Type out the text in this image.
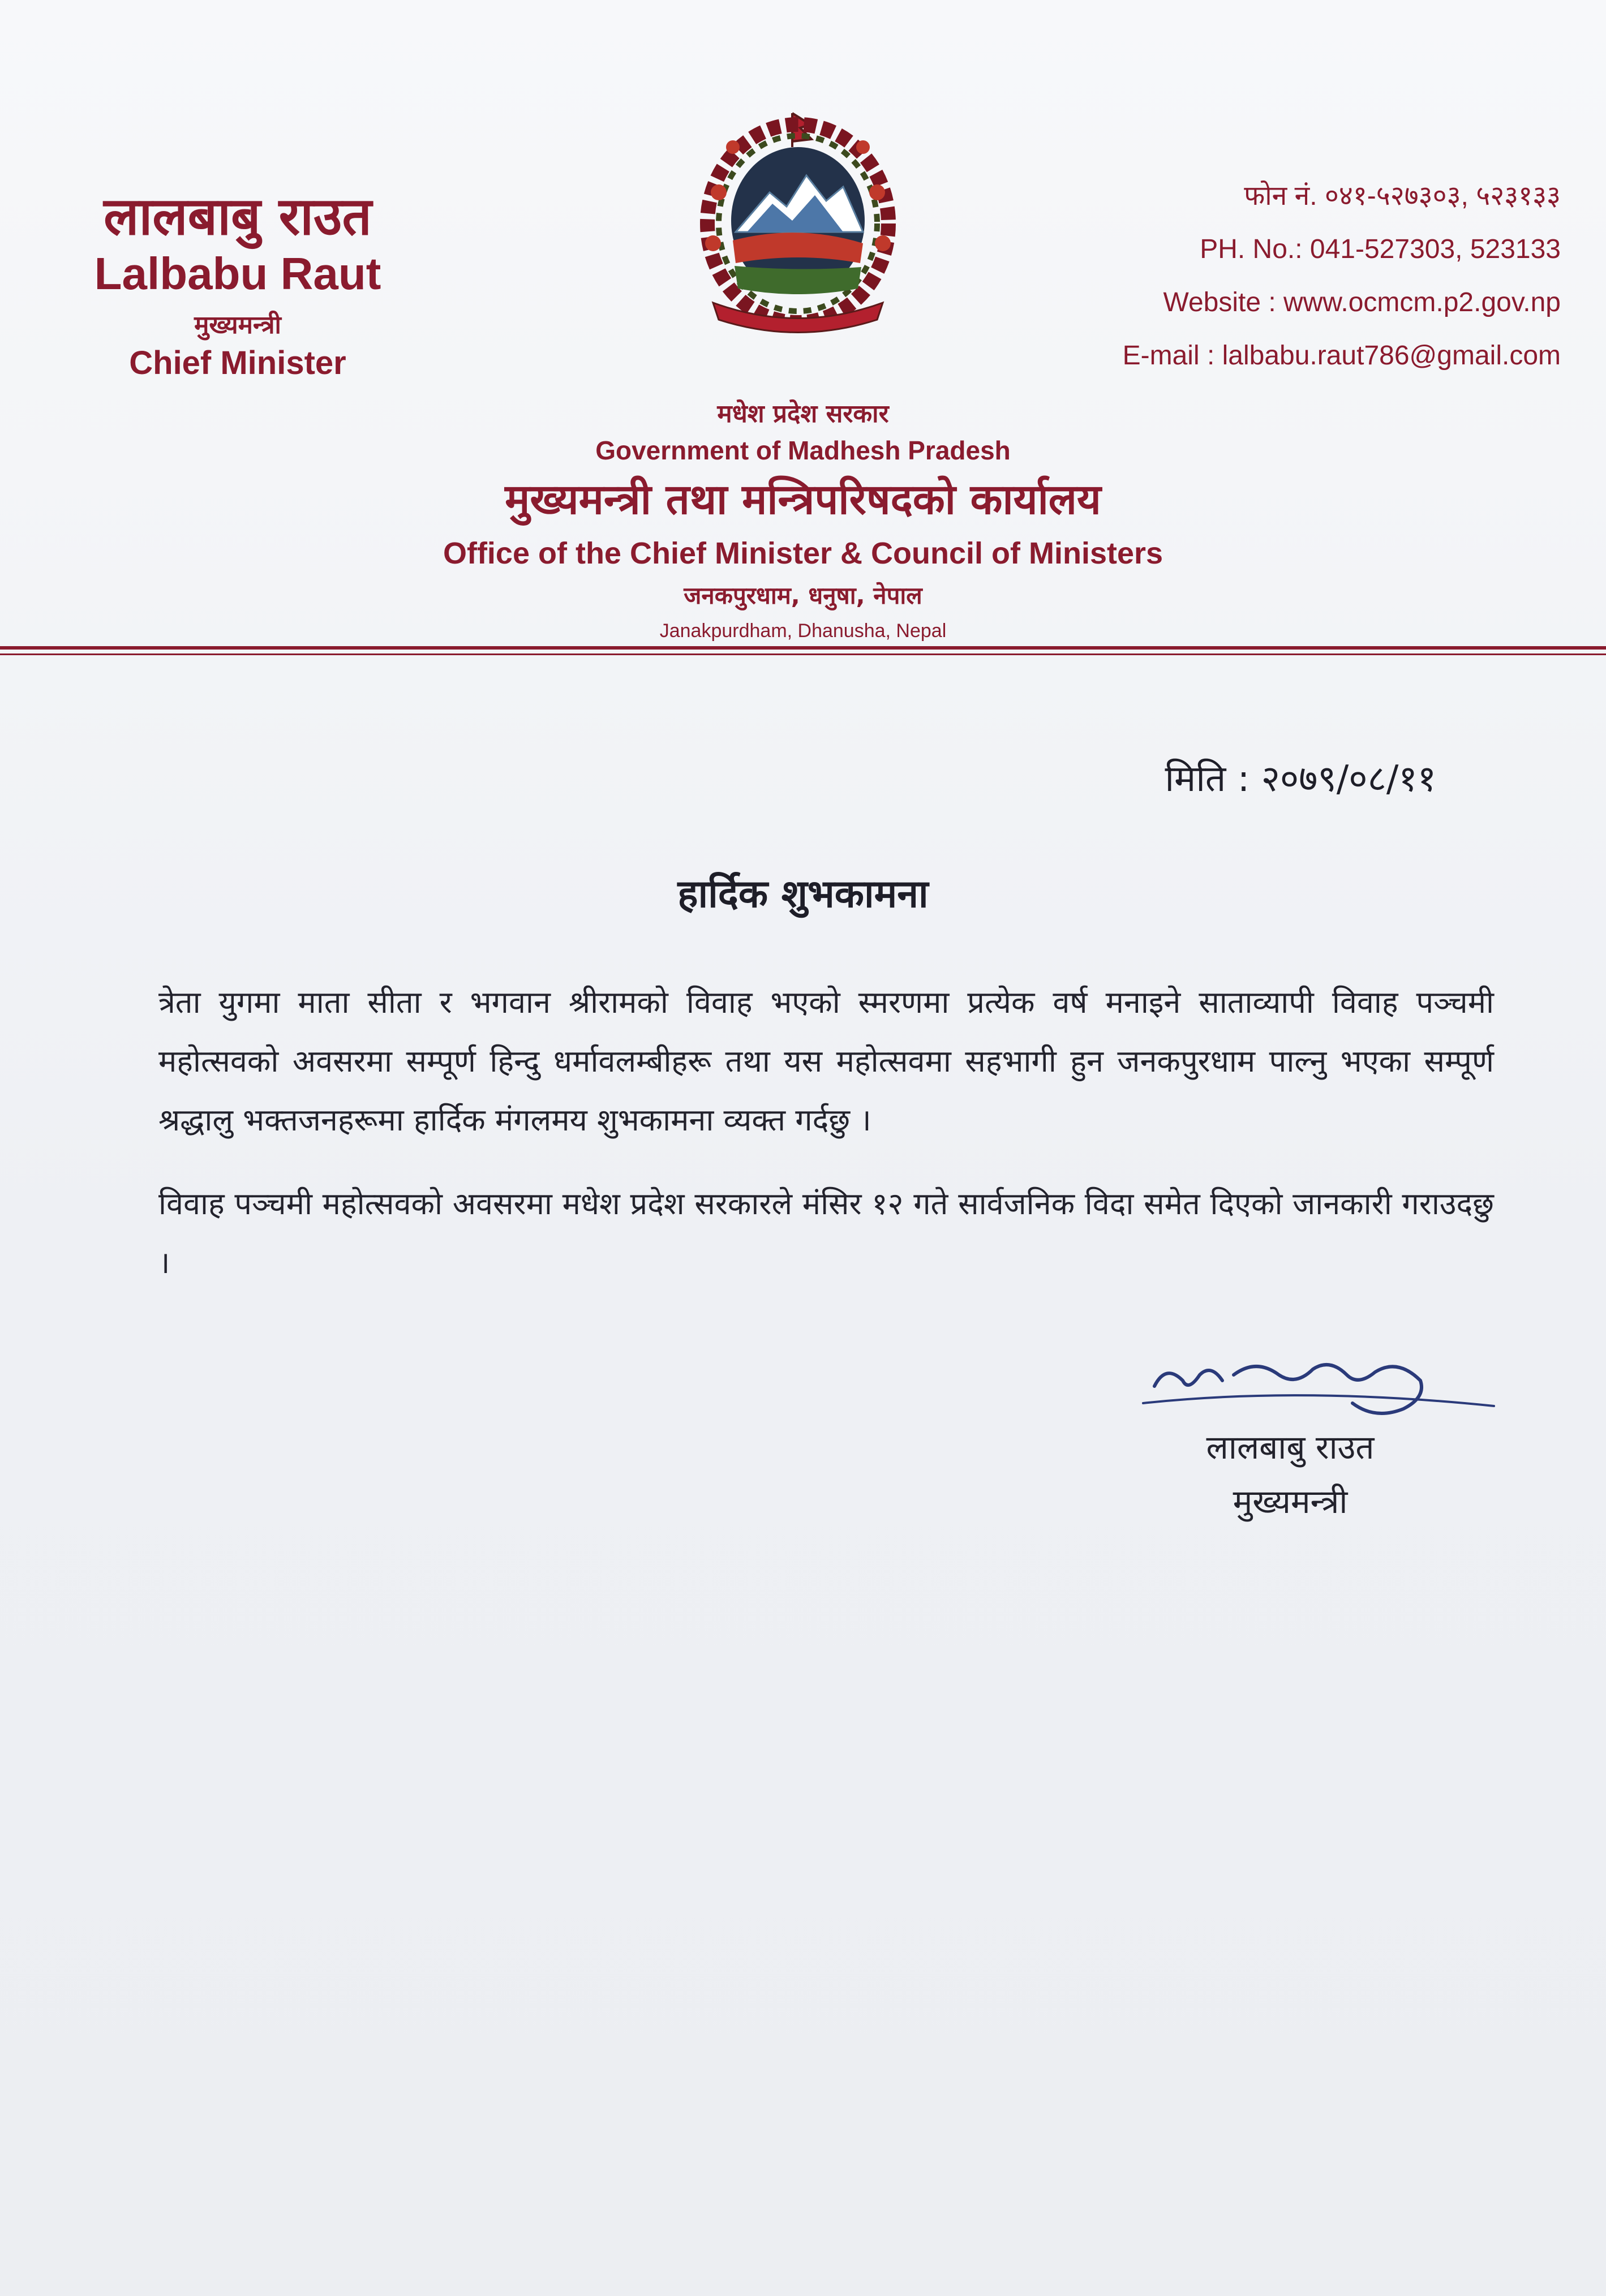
लालबाबु राउत
Lalbabu Raut
मुख्यमन्त्री
Chief Minister
फोन नं. ०४१-५२७३०३, ५२३१३३
PH. No.: 041-527303, 523133
Website : www.ocmcm.p2.gov.np
E-mail : lalbabu.raut786@gmail.com
मधेश प्रदेश सरकार
Government of Madhesh Pradesh
मुख्यमन्त्री तथा मन्त्रिपरिषदको कार्यालय
Office of the Chief Minister & Council of Ministers
जनकपुरधाम, धनुषा, नेपाल
Janakpurdham, Dhanusha, Nepal
मिति : २०७९/०८/११
हार्दिक शुभकामना

त्रेता युगमा माता सीता र भगवान श्रीरामको विवाह भएको स्मरणमा प्रत्येक वर्ष मनाइने साताव्यापी विवाह पञ्चमी महोत्सवको अवसरमा सम्पूर्ण हिन्दु धर्मावलम्बीहरू तथा यस महोत्सवमा सहभागी हुन जनकपुरधाम पाल्नु भएका सम्पूर्ण श्रद्धालु भक्तजनहरूमा हार्दिक मंगलमय शुभकामना व्यक्त गर्दछु ।

विवाह पञ्चमी महोत्सवको अवसरमा मधेश प्रदेश सरकारले मंसिर १२ गते सार्वजनिक विदा समेत दिएको जानकारी गराउदछु ।

लालबाबु राउत
मुख्यमन्त्री
